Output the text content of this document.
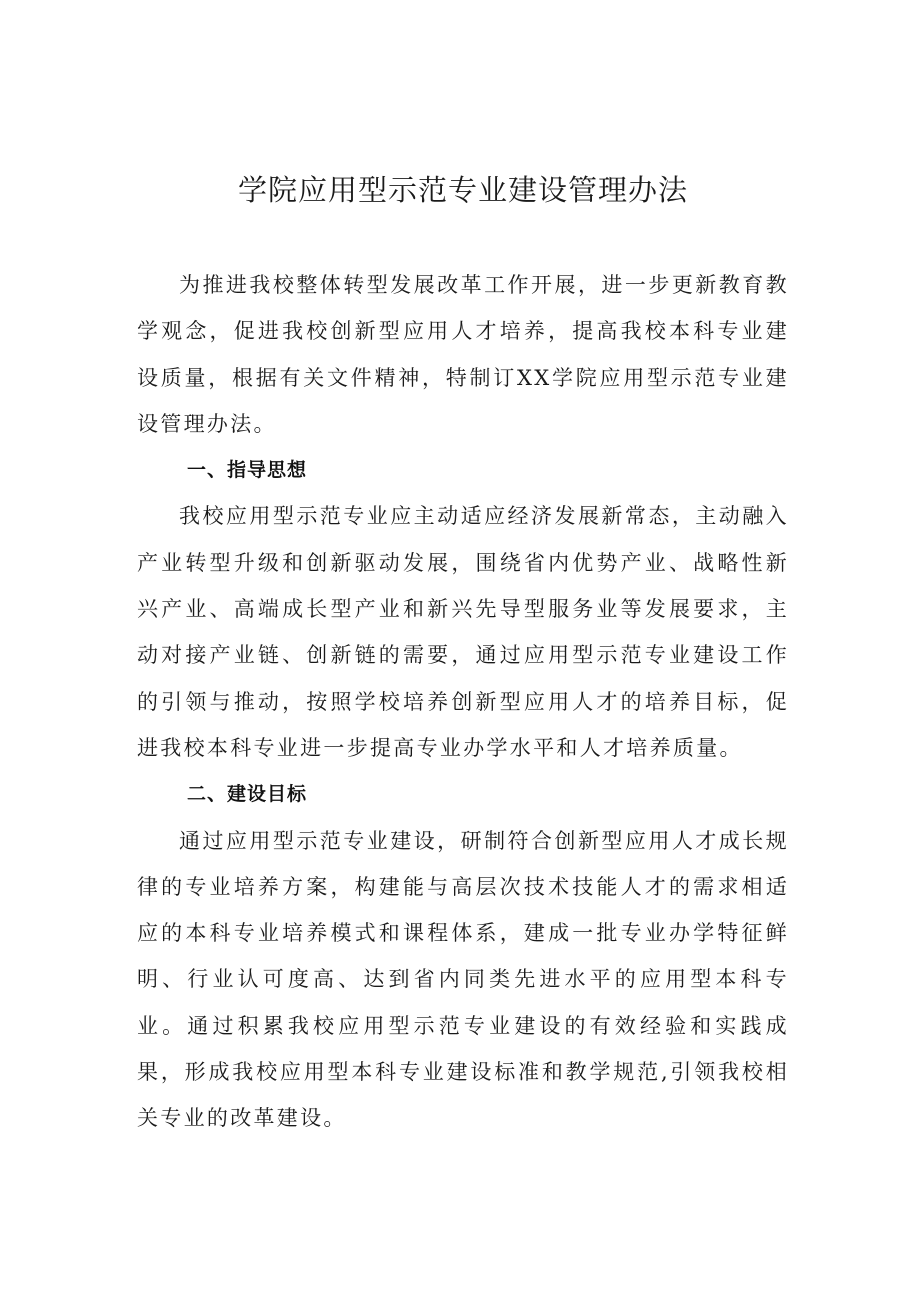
学院应用型示范专业建设管理办法

为推进我校整体转型发展改革工作开展，进一步更新教育教学观念，促进我校创新型应用人才培养，提高我校本科专业建设质量，根据有关文件精神，特制订XX学院应用型示范专业建设管理办法。

一、指导思想

我校应用型示范专业应主动适应经济发展新常态，主动融入产业转型升级和创新驱动发展，围绕省内优势产业、战略性新兴产业、高端成长型产业和新兴先导型服务业等发展要求，主动对接产业链、创新链的需要，通过应用型示范专业建设工作的引领与推动，按照学校培养创新型应用人才的培养目标，促进我校本科专业进一步提高专业办学水平和人才培养质量。

二、建设目标

通过应用型示范专业建设，研制符合创新型应用人才成长规律的专业培养方案，构建能与高层次技术技能人才的需求相适应的本科专业培养模式和课程体系，建成一批专业办学特征鲜明、行业认可度高、达到省内同类先进水平的应用型本科专业。通过积累我校应用型示范专业建设的有效经验和实践成果，形成我校应用型本科专业建设标准和教学规范,引领我校相关专业的改革建设。
